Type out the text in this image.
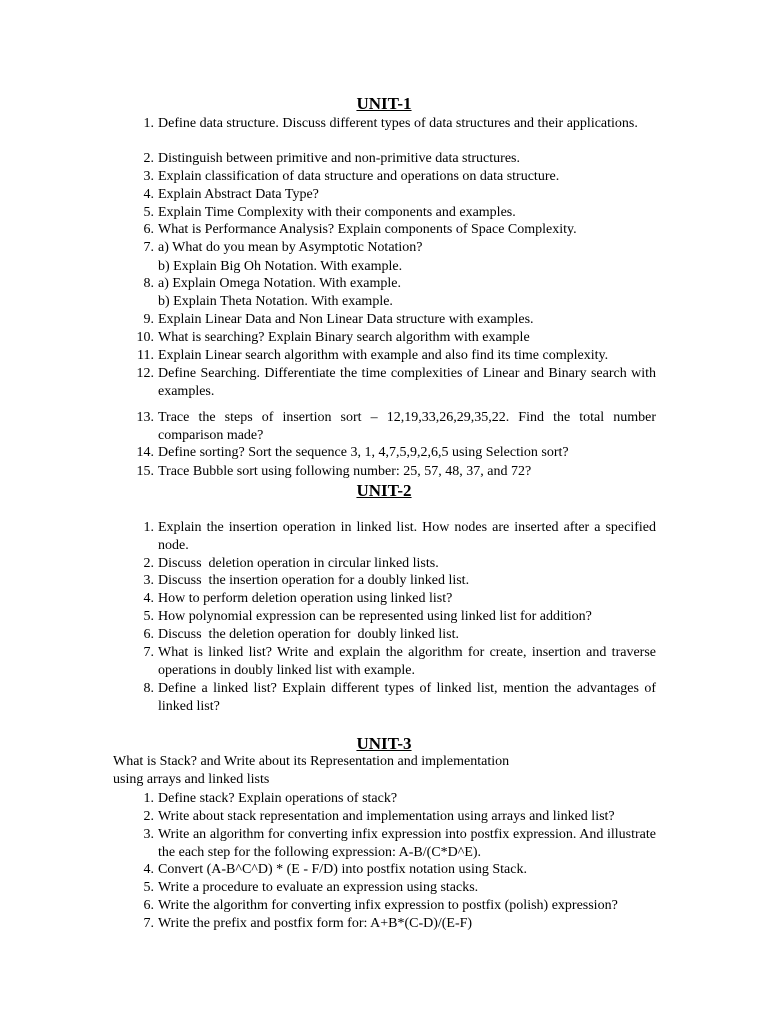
UNIT-1
1. Define data structure. Discuss different types of data structures and their applications.
2. Distinguish between primitive and non-primitive data structures.
3. Explain classification of data structure and operations on data structure.
4. Explain Abstract Data Type?
5. Explain Time Complexity with their components and examples.
6. What is Performance Analysis? Explain components of Space Complexity.
7. a) What do you mean by Asymptotic Notation?
b) Explain Big Oh Notation. With example.
8. a) Explain Omega Notation. With example.
b) Explain Theta Notation. With example.
9. Explain Linear Data and Non Linear Data structure with examples.
10. What is searching? Explain Binary search algorithm with example
11. Explain Linear search algorithm with example and also find its time complexity.
12. Define Searching. Differentiate the time complexities of Linear and Binary search with      examples.
13. Trace the steps of insertion sort – 12,19,33,26,29,35,22. Find the total number comparison made?
14. Define sorting? Sort the sequence 3, 1, 4,7,5,9,2,6,5 using Selection sort?
15. Trace Bubble sort using following number: 25, 57, 48, 37, and 72?
UNIT-2
1. Explain the insertion operation in linked list. How nodes are inserted after a specified node.
2. Discuss  deletion operation in circular linked lists.
3. Discuss  the insertion operation for a doubly linked list.
4. How to perform deletion operation using linked list?
5. How polynomial expression can be represented using linked list for addition?
6. Discuss  the deletion operation for  doubly linked list.
7. What is linked list? Write and explain the algorithm for create, insertion and traverse   operations in doubly linked list with example.
8. Define a linked list? Explain different types of linked list, mention the advantages of linked list?
UNIT-3
What is Stack? and Write about its Representation and implementation
using arrays and linked lists
1. Define stack? Explain operations of stack?
2. Write about stack representation and implementation using arrays and linked list?
3. Write an algorithm for converting infix expression into postfix expression. And illustrate the each step for the following expression: A-B/(C*D^E).
4. Convert (A-B^C^D) * (E - F/D) into postfix notation using Stack.
5. Write a procedure to evaluate an expression using stacks.
6. Write the algorithm for converting infix expression to postfix (polish) expression?
7. Write the prefix and postfix form for: A+B*(C-D)/(E-F)
